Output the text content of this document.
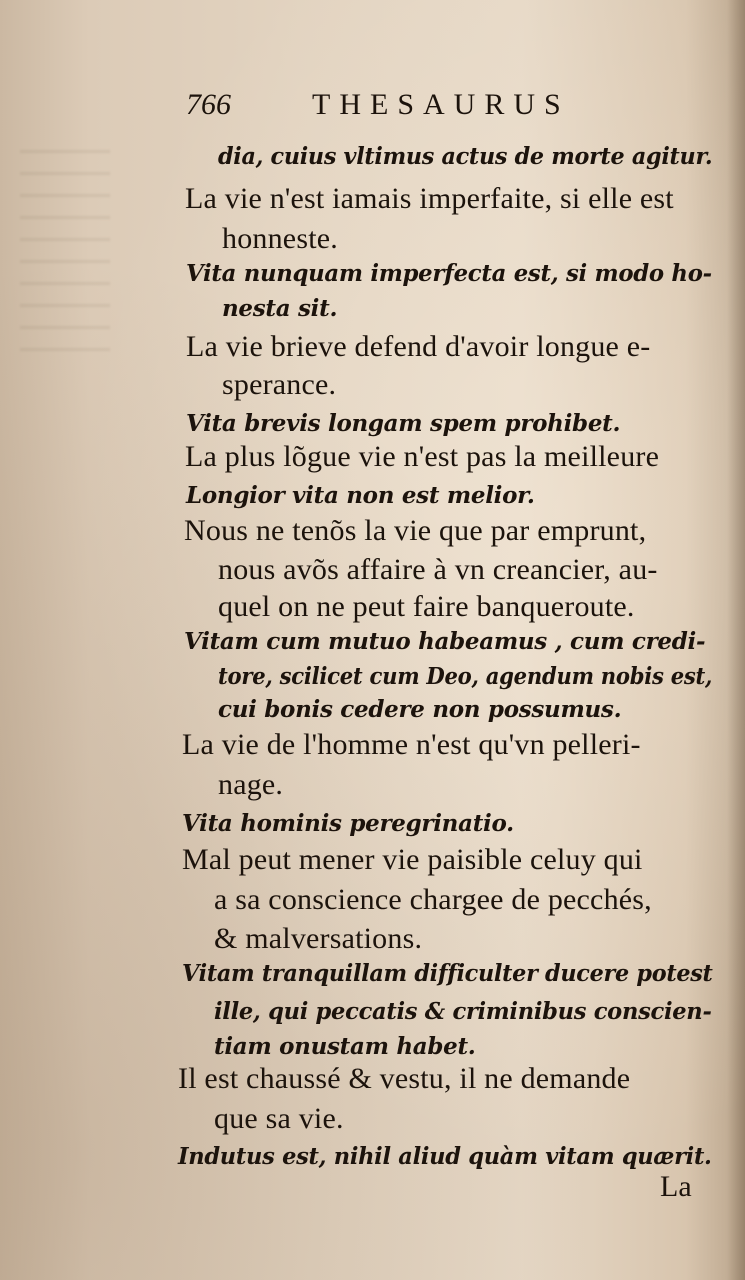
766	THESAURUS
dia, cuius vltimus actus de morte agitur.
La vie n'est iamais imperfaite, si elle est
honneste.
Vita nunquam imperfecta est, si modo ho-
nesta sit.
La vie brieve defend d'avoir longue e-
sperance.
Vita brevis longam spem prohibet.
La plus lõgue vie n'est pas la meilleure
Longior vita non est melior.
Nous ne tenõs la vie que par emprunt,
nous avõs affaire à vn creancier, au-
quel on ne peut faire banqueroute.
Vitam cum mutuo habeamus , cum credi-
tore, scilicet cum Deo, agendum nobis est,
cui bonis cedere non possumus.
La vie de l'homme n'est qu'vn pelleri-
nage.
Vita hominis peregrinatio.
Mal peut mener vie paisible celuy qui
a sa conscience chargee de pecchés,
& malversations.
Vitam tranquillam difficulter ducere potest
ille, qui peccatis & criminibus conscien-
tiam onustam habet.
Il est chaussé & vestu, il ne demande
que sa vie.
Indutus est, nihil aliud quàm vitam quærit.
La
